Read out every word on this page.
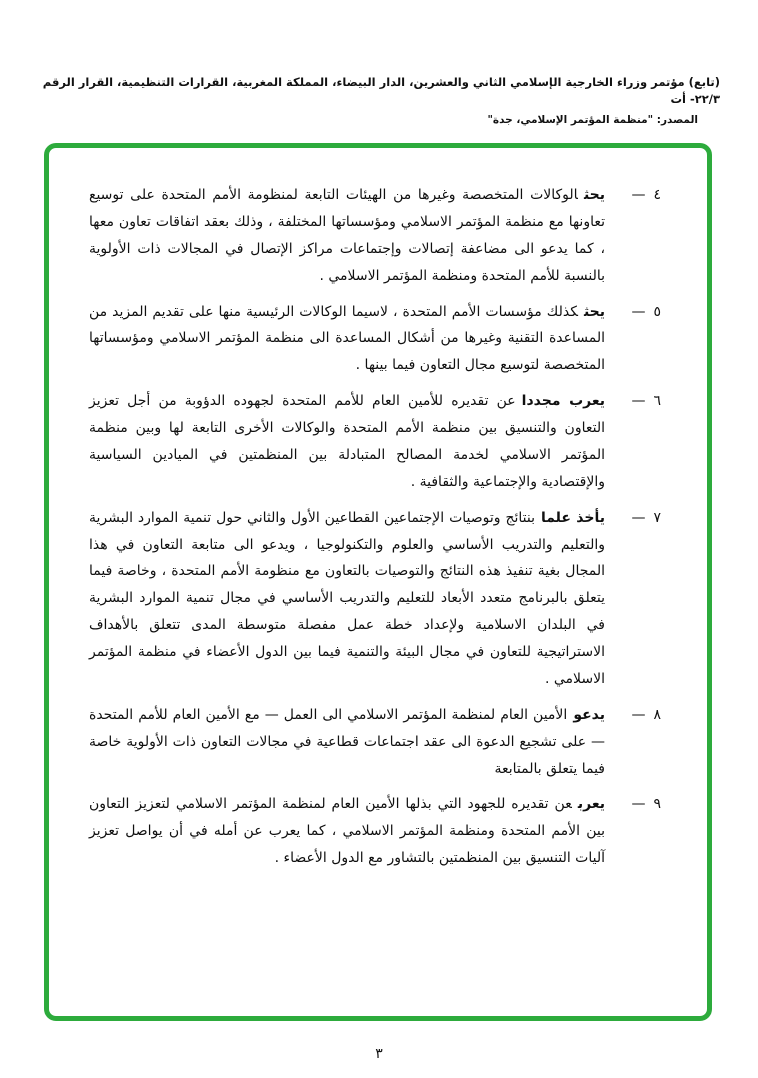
(تابع) مؤتمر وزراء الخارجية الإسلامي الثاني والعشرين، الدار البيضاء، المملكة المغربية، القرارات التنظيمية، القرار الرقم ٢٢/٣- أت
المصدر: "منظمة المؤتمر الإسلامي، جدة"
٤—
يحثالوكالات المتخصصة وغيرها من الهيئات التابعة لمنظومة الأمم المتحدة على توسيع تعاونها مع منظمة المؤتمر الاسلامي ومؤسساتها المختلفة ، وذلك بعقد اتفاقات تعاون معها ، كما يدعو الى مضاعفة إتصالات وإجتماعات مراكز الإتصال في المجالات ذات الأولوية بالنسبة للأمم المتحدة ومنظمة المؤتمر الاسلامي .
٥—
يحثكذلك مؤسسات الأمم المتحدة ، لاسيما الوكالات الرئيسية منها على تقديم المزيد من المساعدة التقنية وغيرها من أشكال المساعدة الى منظمة المؤتمر الاسلامي ومؤسساتها المتخصصة لتوسيع مجال التعاون فيما بينها .
٦—
يعرب مجدداعن تقديره للأمين العام للأمم المتحدة لجهوده الدؤوبة من أجل تعزيز التعاون والتنسيق بين منظمة الأمم المتحدة والوكالات الأخرى التابعة لها وبين منظمة المؤتمر الاسلامي لخدمة المصالح المتبادلة بين المنظمتين في الميادين السياسية والإقتصادية والإجتماعية والثقافية .
٧—
يأخذ علمابنتائج وتوصيات الإجتماعين القطاعين الأول والثاني حول تنمية الموارد البشرية والتعليم والتدريب الأساسي والعلوم والتكنولوجيا ، ويدعو الى متابعة التعاون في هذا المجال بغية تنفيذ هذه النتائج والتوصيات بالتعاون مع منظومة الأمم المتحدة ، وخاصة فيما يتعلق بالبرنامج متعدد الأبعاد للتعليم والتدريب الأساسي في مجال تنمية الموارد البشرية في البلدان الاسلامية ولإعداد خطة عمل مفصلة متوسطة المدى تتعلق بالأهداف الاستراتيجية للتعاون في مجال البيئة والتنمية فيما بين الدول الأعضاء في منظمة المؤتمر الاسلامي .
٨—
يدعوالأمين العام لمنظمة المؤتمر الاسلامي الى العمل — مع الأمين العام للأمم المتحدة — على تشجيع الدعوة الى عقد اجتماعات قطاعية في مجالات التعاون ذات الأولوية خاصة فيما يتعلق بالمتابعة
٩—
يعربعن تقديره للجهود التي بذلها الأمين العام لمنظمة المؤتمر الاسلامي لتعزيز التعاون بين الأمم المتحدة ومنظمة المؤتمر الاسلامي ، كما يعرب عن أمله في أن يواصل تعزيز آليات التنسيق بين المنظمتين بالتشاور مع الدول الأعضاء .
٣
